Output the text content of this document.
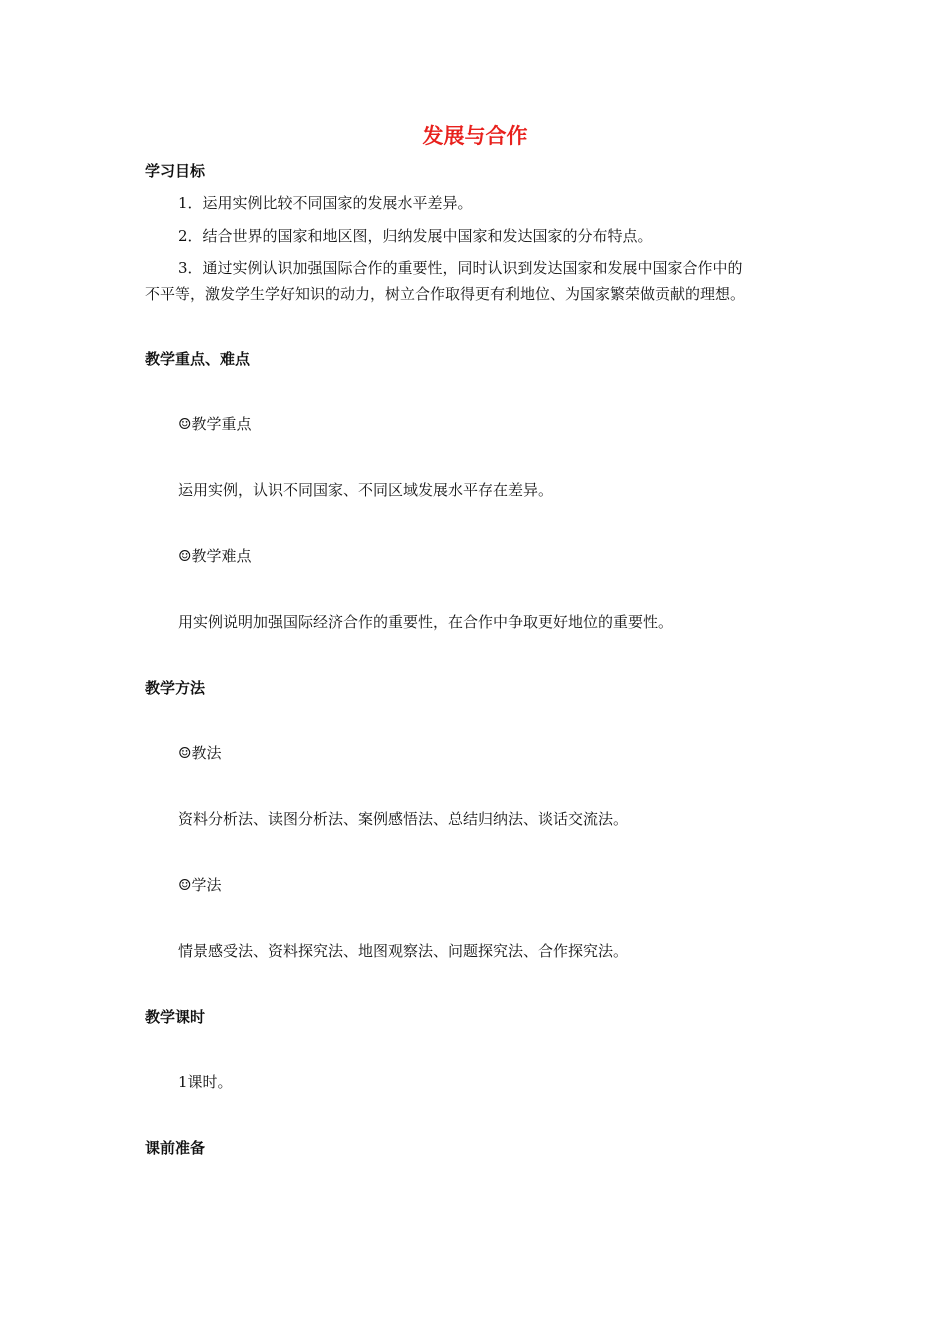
发展与合作
学习目标
1．运用实例比较不同国家的发展水平差异。
2．结合世界的国家和地区图，归纳发展中国家和发达国家的分布特点。
3．通过实例认识加强国际合作的重要性，同时认识到发达国家和发展中国家合作中的
不平等，激发学生学好知识的动力，树立合作取得更有利地位、为国家繁荣做贡献的理想。
教学重点、难点
☺教学重点
运用实例，认识不同国家、不同区域发展水平存在差异。
☺教学难点
用实例说明加强国际经济合作的重要性，在合作中争取更好地位的重要性。
教学方法
☺教法
资料分析法、读图分析法、案例感悟法、总结归纳法、谈话交流法。
☺学法
情景感受法、资料探究法、地图观察法、问题探究法、合作探究法。
教学课时
1课时。
课前准备
